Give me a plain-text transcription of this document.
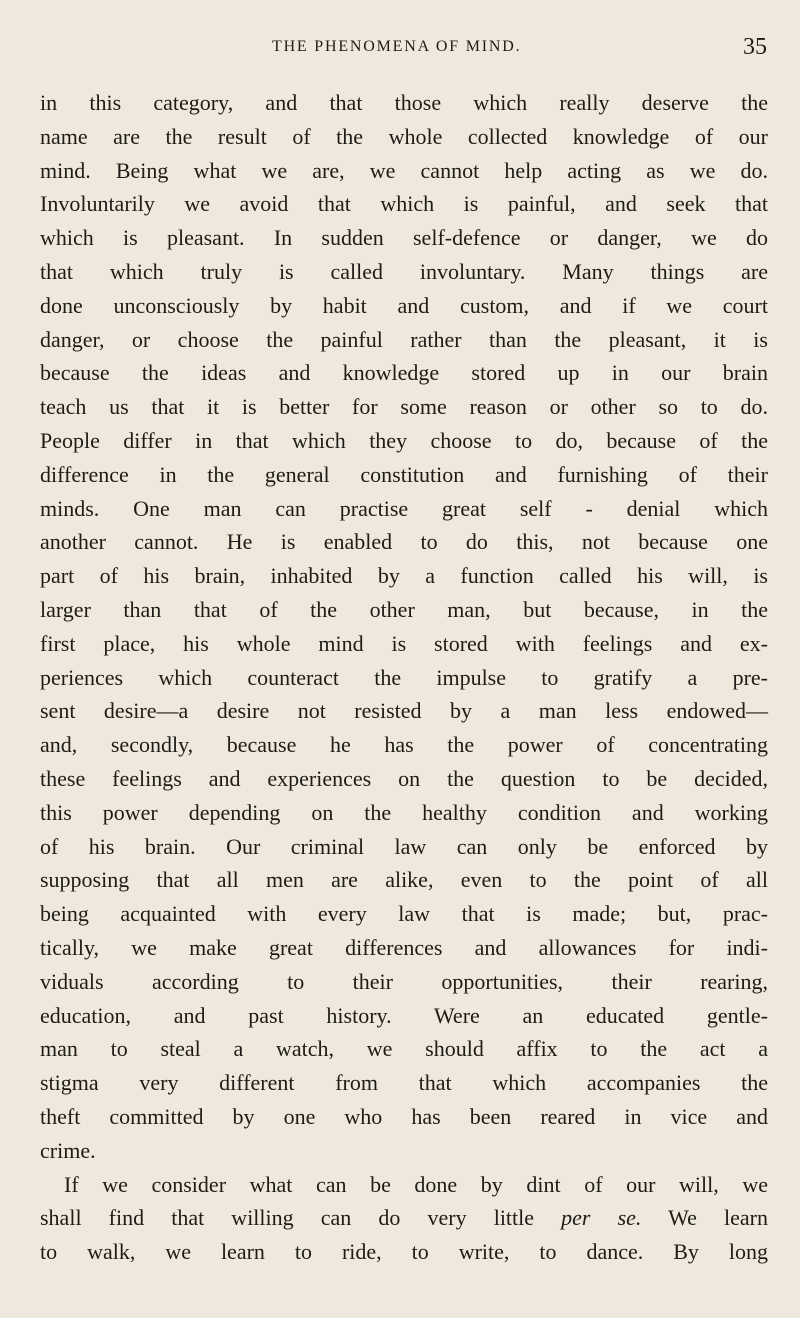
THE PHENOMENA OF MIND.	35
in this category, and that those which really deserve the
name are the result of the whole collected knowledge of our
mind. Being what we are, we cannot help acting as we do.
Involuntarily we avoid that which is painful, and seek that
which is pleasant. In sudden self-defence or danger, we do
that which truly is called involuntary. Many things are
done unconsciously by habit and custom, and if we court
danger, or choose the painful rather than the pleasant, it is
because the ideas and knowledge stored up in our brain
teach us that it is better for some reason or other so to do.
People differ in that which they choose to do, because of the
difference in the general constitution and furnishing of their
minds. One man can practise great self - denial which
another cannot. He is enabled to do this, not because one
part of his brain, inhabited by a function called his will, is
larger than that of the other man, but because, in the
first place, his whole mind is stored with feelings and ex-
periences which counteract the impulse to gratify a pre-
sent desire—a desire not resisted by a man less endowed—
and, secondly, because he has the power of concentrating
these feelings and experiences on the question to be decided,
this power depending on the healthy condition and working
of his brain. Our criminal law can only be enforced by
supposing that all men are alike, even to the point of all
being acquainted with every law that is made; but, prac-
tically, we make great differences and allowances for indi-
viduals according to their opportunities, their rearing,
education, and past history. Were an educated gentle-
man to steal a watch, we should affix to the act a
stigma very different from that which accompanies the
theft committed by one who has been reared in vice and
crime.
If we consider what can be done by dint of our will, we
shall find that willing can do very little per se. We learn
to walk, we learn to ride, to write, to dance. By long
